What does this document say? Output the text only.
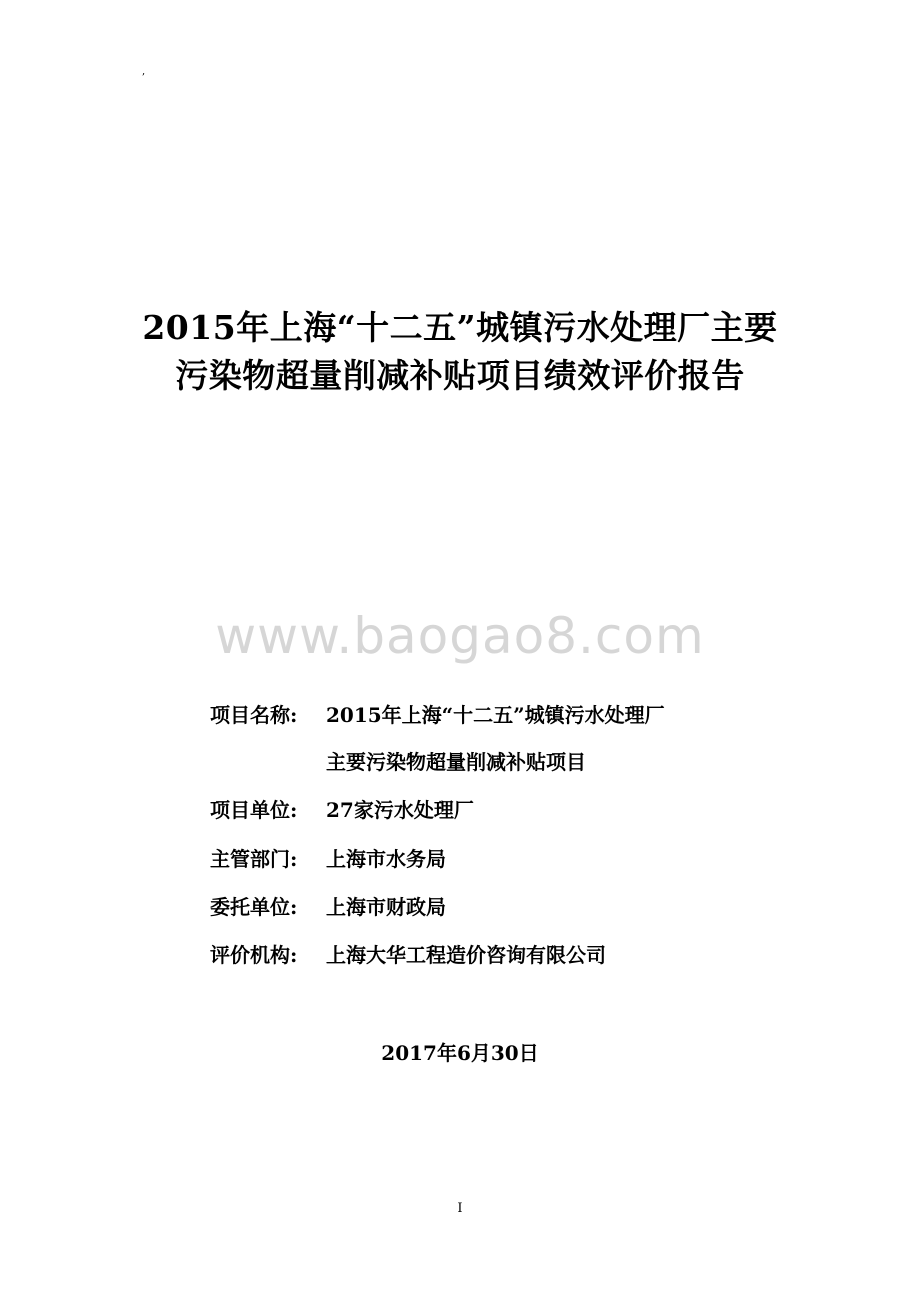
,
2015年上海“十二五”城镇污水处理厂主要
污染物超量削减补贴项目绩效评价报告
www.baogao8.com
项目名称: 2015年上海“十二五”城镇污水处理厂
主要污染物超量削减补贴项目
项目单位: 27家污水处理厂
主管部门: 上海市水务局
委托单位: 上海市财政局
评价机构: 上海大华工程造价咨询有限公司
2017年6月30日
I
